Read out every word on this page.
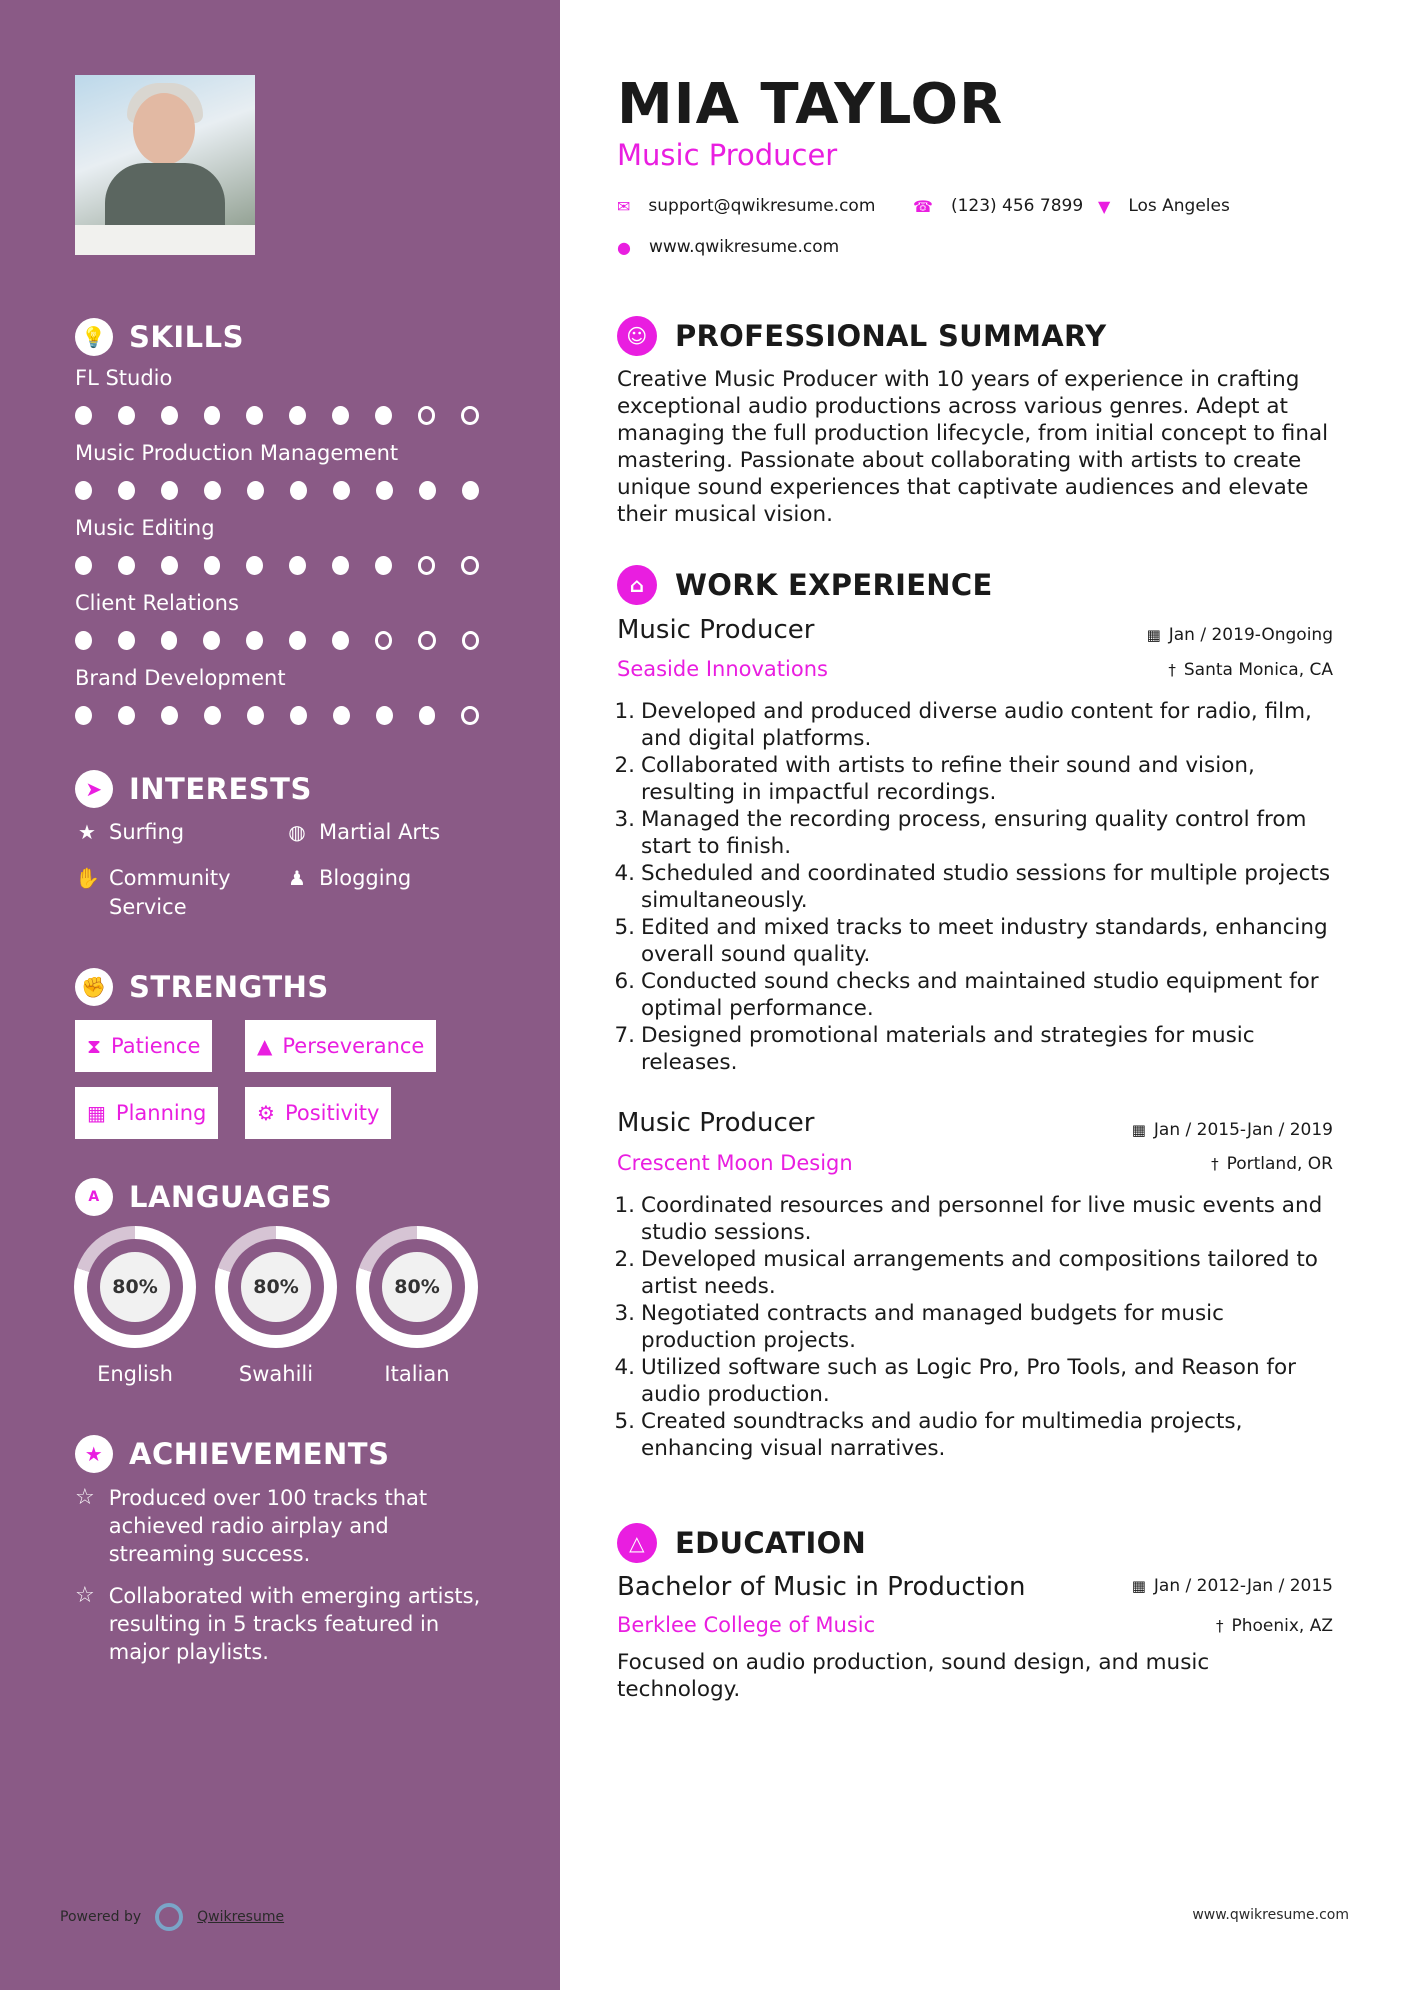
💡 SKILLS
FL Studio
Music Production Management
Music Editing
Client Relations
Brand Development
➤ INTERESTS
★ Surfing	◍ Martial Arts
✋ Community Service
♟ Blogging
✊ STRENGTHS
⧗ Patience	▲ Perseverance
▦ Planning	⚙ Positivity
A	LANGUAGES
80%
English
80%
Swahili
80%
Italian
★ ACHIEVEMENTS
☆ Produced over 100 tracks that achieved radio airplay and streaming success.
☆ Collaborated with emerging artists, resulting in 5 tracks featured in major playlists.
Powered by	Qwikresume
MIA TAYLOR
Music Producer
✉ support@qwikresume.com ☎ (123) 456 7899 ▼ Los Angeles
● www.qwikresume.com
☺ PROFESSIONAL SUMMARY
Creative Music Producer with 10 years of experience in crafting exceptional audio productions across various genres. Adept at managing the full production lifecycle, from initial concept to final mastering. Passionate about collaborating with artists to create unique sound experiences that captivate audiences and elevate their musical vision.
⌂	WORK EXPERIENCE
Music Producer
Seaside Innovations
▦ Jan / 2019-Ongoing
† Santa Monica, CA
1. Developed and produced diverse audio content for radio, film, and digital platforms.
2. Collaborated with artists to refine their sound and vision, resulting in impactful recordings.
3. Managed the recording process, ensuring quality control from start to finish.
4. Scheduled and coordinated studio sessions for multiple projects simultaneously.
5. Edited and mixed tracks to meet industry standards, enhancing overall sound quality.
6. Conducted sound checks and maintained studio equipment for optimal performance.
7. Designed promotional materials and strategies for music releases.
Music Producer
Crescent Moon Design
▦ Jan / 2015-Jan / 2019
† Portland, OR
1. Coordinated resources and personnel for live music events and studio sessions.
2. Developed musical arrangements and compositions tailored to artist needs.
3. Negotiated contracts and managed budgets for music production projects.
4. Utilized software such as Logic Pro, Pro Tools, and Reason for audio production.
5. Created soundtracks and audio for multimedia projects, enhancing visual narratives.
△	EDUCATION
Bachelor of Music in Production
Berklee College of Music
▦ Jan / 2012-Jan / 2015
† Phoenix, AZ
Focused on audio production, sound design, and music technology.
www.qwikresume.com
